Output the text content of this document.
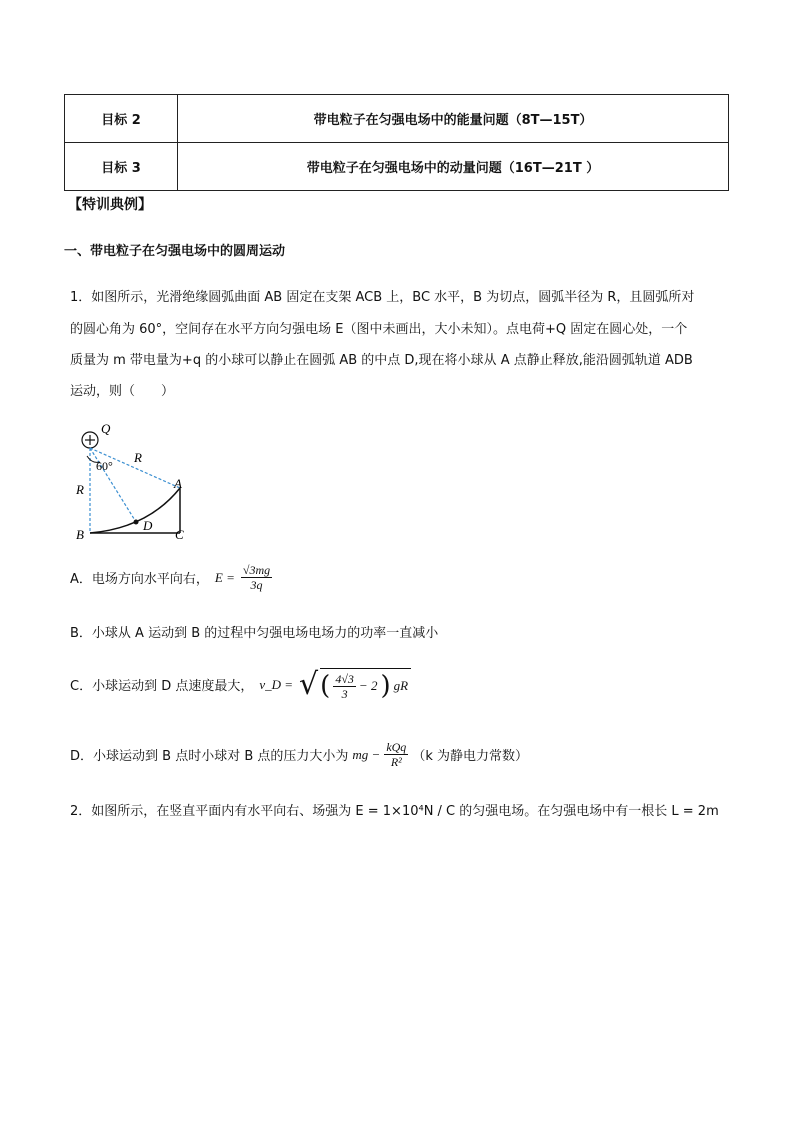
目标 2	带电粒子在匀强电场中的能量问题（8T—15T）
目标 3	带电粒子在匀强电场中的动量问题（16T—21T ）
【特训典例】
一、带电粒子在匀强电场中的圆周运动
1．如图所示，光滑绝缘圆弧曲面 AB 固定在支架 ACB 上，BC 水平，B 为切点，圆弧半径为 R，且圆弧所对
的圆心角为 60°，空间存在水平方向匀强电场 E（图中未画出，大小未知）。点电荷+Q 固定在圆心处，一个
质量为 m 带电量为+q 的小球可以静止在圆弧 AB 的中点 D,现在将小球从 A 点静止释放,能沿圆弧轨道 ADB
运动，则（　　）
Q
R
60°
A
R
D
B	C
A．电场方向水平向右， $E = \frac{√3mg}{3q}$
B．小球从 A 运动到 B 的过程中匀强电场电场力的功率一直减小
C．小球运动到 D 点速度最大， v_D = √ ( $\frac{4√3}{3} - 2$ ) gR
D．小球运动到 B 点时小球对 B 点的压力大小为 mg − $\frac{\text{kQq}}{\text{R²}} (k$ 为静电力常数）
2．如图所示，在竖直平面内有水平向右、场强为 E = 1×10⁴N / C 的匀强电场。在匀强电场中有一根长 L = 2m
